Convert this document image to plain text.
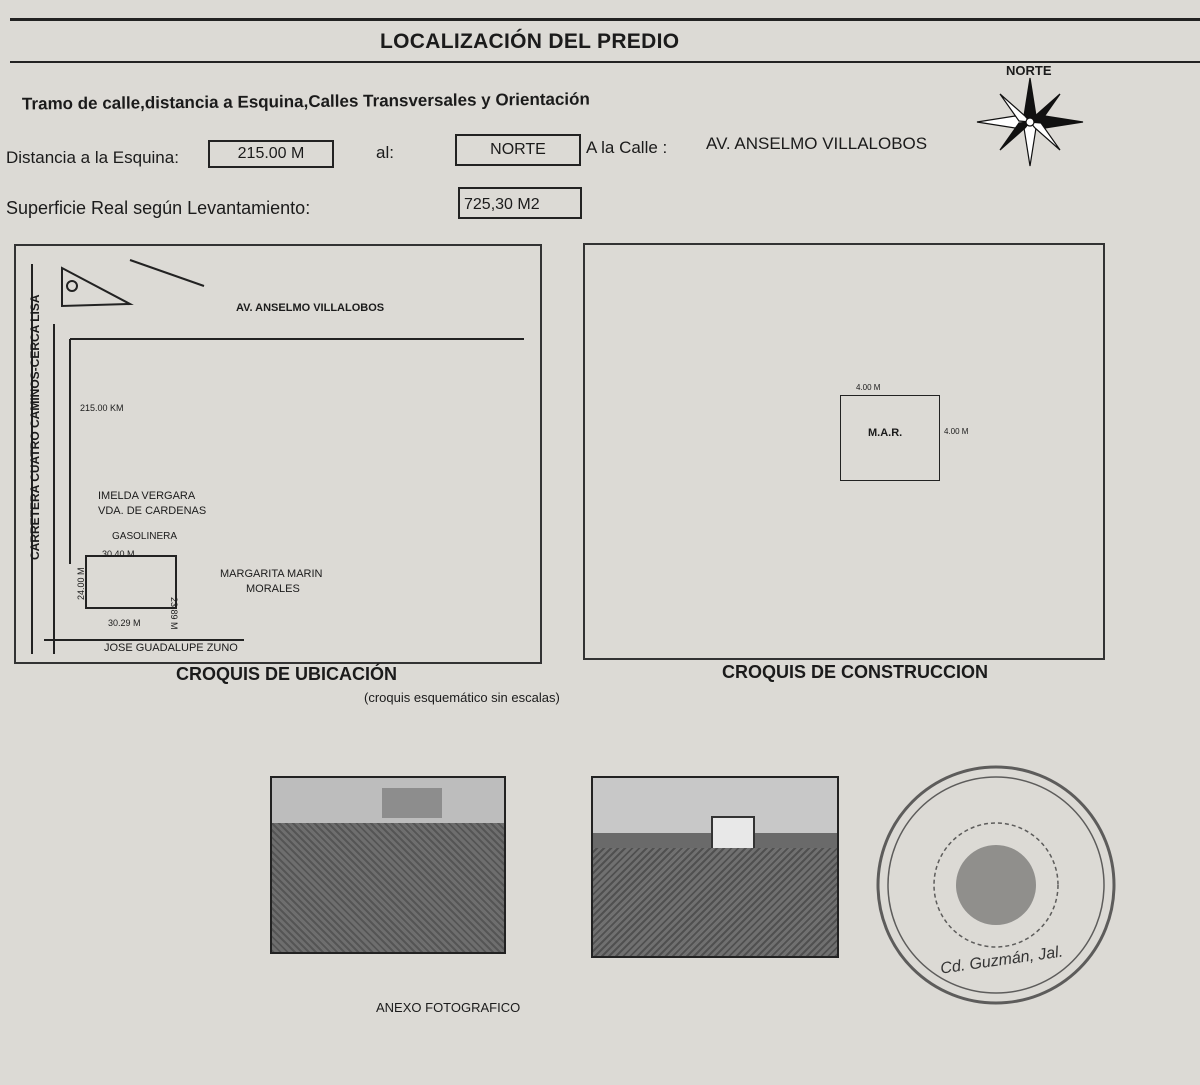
LOCALIZACIÓN DEL PREDIO
NORTE
Tramo de calle,distancia a Esquina,Calles Transversales y Orientación
Distancia a la Esquina:	215.00 M	al:	NORTE	A la Calle : AV. ANSELMO VILLALOBOS
Superficie Real según Levantamiento:	725,30 M2
CARRETERA CUATRO CAMINOS-CERCA LISA	AV. ANSELMO VILLALOBOS
215.00 KM
IMELDA VERGARA
VDA. DE CARDENAS
GASOLINERA
30.40 M
24.00 M
23.89 M
30.29 M
MARGARITA MARIN
MORALES
JOSE GUADALUPE ZUNO
CROQUIS DE UBICACIÓN
(croquis esquemático sin escalas)
4.00 M
4.00 M
M.A.R.
CROQUIS DE CONSTRUCCION
ANEXO FOTOGRAFICO
Cd. Guzmán, Jal.
